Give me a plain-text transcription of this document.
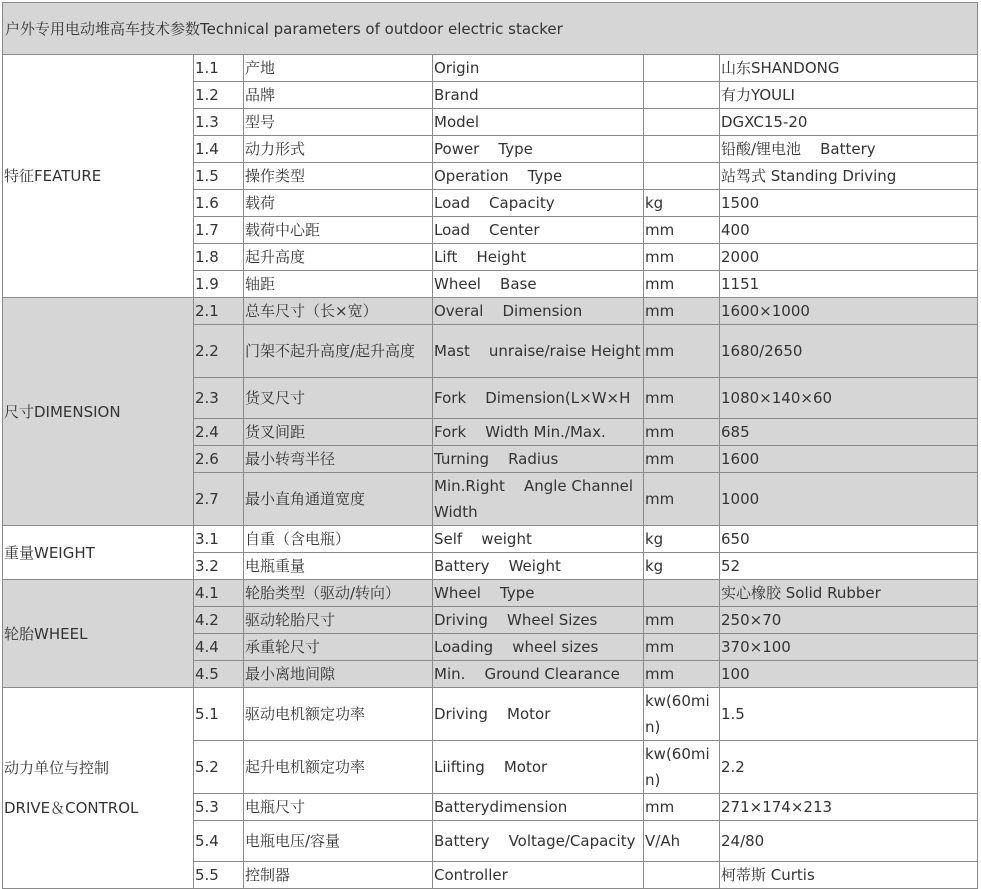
户外专用电动堆高车技术参数Technical parameters of outdoor electric stacker					

特征FEATURE	1.1	产地	Origin		山东SHANDONG
	1.2	品牌	Brand		有力YOULI
	1.3	型号	Model		DGXC15-20
	1.4	动力形式	Power    Type		铅酸/锂电池    Battery
	1.5	操作类型	Operation    Type		站驾式 Standing Driving
	1.6	载荷	Load    Capacity	kg	1500
	1.7	载荷中心距	Load    Center	mm	400
	1.8	起升高度	Lift    Height	mm	2000
	1.9	轴距	Wheel    Base	mm	1151

尺寸DIMENSION	2.1	总车尺寸（长×宽）	Overal    Dimension	mm	1600×1000
	2.2	门架不起升高度/起升高度	Mast    unraise/raise Height	mm	1680/2650
	2.3	货叉尺寸	Fork    Dimension(L×W×H	mm	1080×140×60
	2.4	货叉间距	Fork    Width Min./Max.	mm	685
	2.6	最小转弯半径	Turning    Radius	mm	1600
	2.7	最小直角通道宽度	Min.Right    Angle Channel Width	mm	1000

重量WEIGHT	3.1	自重（含电瓶）	Self    weight	kg	650
	3.2	电瓶重量	Battery    Weight	kg	52

轮胎WHEEL	4.1	轮胎类型（驱动/转向）	Wheel    Type		实心橡胶 Solid Rubber
	4.2	驱动轮胎尺寸	Driving    Wheel Sizes	mm	250×70
	4.4	承重轮尺寸	Loading    wheel sizes	mm	370×100
	4.5	最小离地间隙	Min.    Ground Clearance	mm	100

动力单位与控制
DRIVE＆CONTROL	5.1	驱动电机额定功率	Driving    Motor	kw(60min)	1.5
	5.2	起升电机额定功率	Liifting    Motor	kw(60min)	2.2
	5.3	电瓶尺寸	Batterydimension	mm	271×174×213
	5.4	电瓶电压/容量	Battery    Voltage/Capacity	V/Ah	24/80
	5.5	控制器	Controller		柯蒂斯 Curtis
